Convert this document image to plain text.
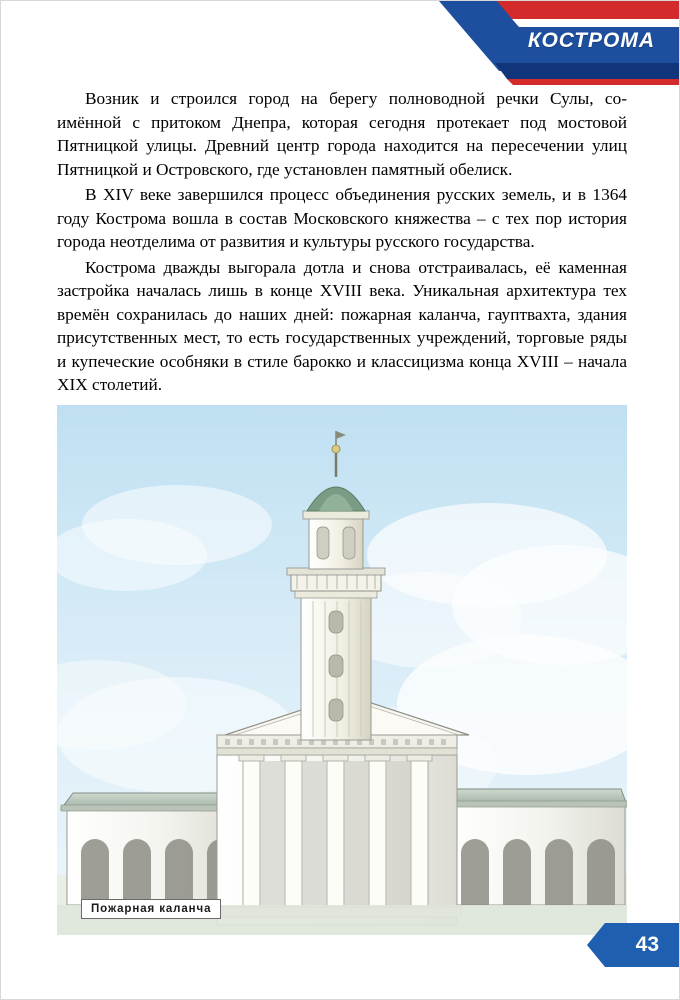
КОСТРОМА

Возник и строился город на берегу полноводной речки Сулы, со-имённой с притоком Днепра, которая сегодня протекает под мостовой Пятницкой улицы. Древний центр города находится на пересечении улиц Пятницкой и Островского, где установлен памятный обелиск.

В XIV веке завершился процесс объединения русских земель, и в 1364 году Кострома вошла в состав Московского княжества – с тех пор история города неотделима от развития и культуры русского государства.

Кострома дважды выгорала дотла и снова отстраивалась, её каменная застройка началась лишь в конце XVIII века. Уникальная архитектура тех времён сохранилась до наших дней: пожарная каланча, гауптвахта, здания присутственных мест, то есть государственных учреждений, торговые ряды и купеческие особняки в стиле барокко и классицизма конца XVIII – начала XIX столетий.

Пожарная каланча
43
